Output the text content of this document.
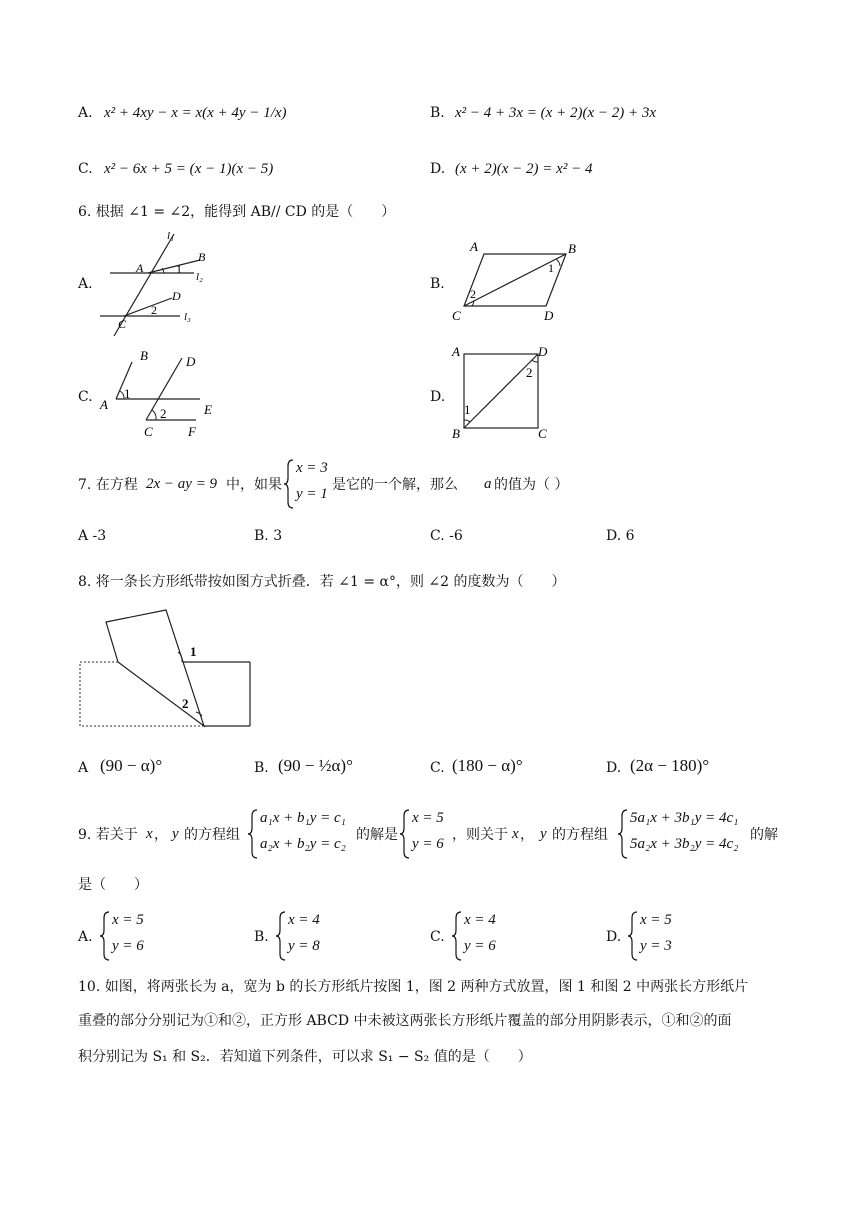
A. x² + 4xy − x = x(x + 4y − 1/x)	B. x² − 4 + 3x = (x + 2)(x − 2) + 3x
C. x² − 6x + 5 = (x − 1)(x − 5)	D. (x + 2)(x − 2) = x² − 4
6. 根据 ∠1 = ∠2，能得到 AB// CD 的是（　　）
A.
l₁
B
l₂
A	1
D
2 l₃
C
B.
A	B
1
2
C	D
C.
B	D
A
1
2	E
C	F
D.
A	D
2
1
B	C
7. 在方程 2x − ay = 9 中，如果
x = 3
y = 1
是它的一个解，那么 a 的值为（ ）
A -3	B. 3	C. -6	D. 6
8. 将一条长方形纸带按如图方式折叠．若 ∠1 = α°，则 ∠2 的度数为（　　）
1
2
A (90 − α)°	B. (90 − ½α)°	C. (180 − α)°	D. (2α − 180)°
9. 若关于 x ， y 的方程组
a₁x + b₁y = c₁
a₂x + b₂y = c₂
的解是
x = 5
y = 6
，则关于 x ， y 的方程组
5a₁x + 3b₁y = 4c₁
5a₂x + 3b₂y = 4c₂
的解
是（　　）
A.
x = 5
y = 6
B.
x = 4
y = 8
C.
x = 4
y = 6
D.
x = 5
y = 3
10. 如图，将两张长为 a，宽为 b 的长方形纸片按图 1，图 2 两种方式放置，图 1 和图 2 中两张长方形纸片
重叠的部分分别记为①和②，正方形 ABCD 中未被这两张长方形纸片覆盖的部分用阴影表示，①和②的面
积分别记为 S₁ 和 S₂．若知道下列条件，可以求 S₁ − S₂ 值的是（　　）
